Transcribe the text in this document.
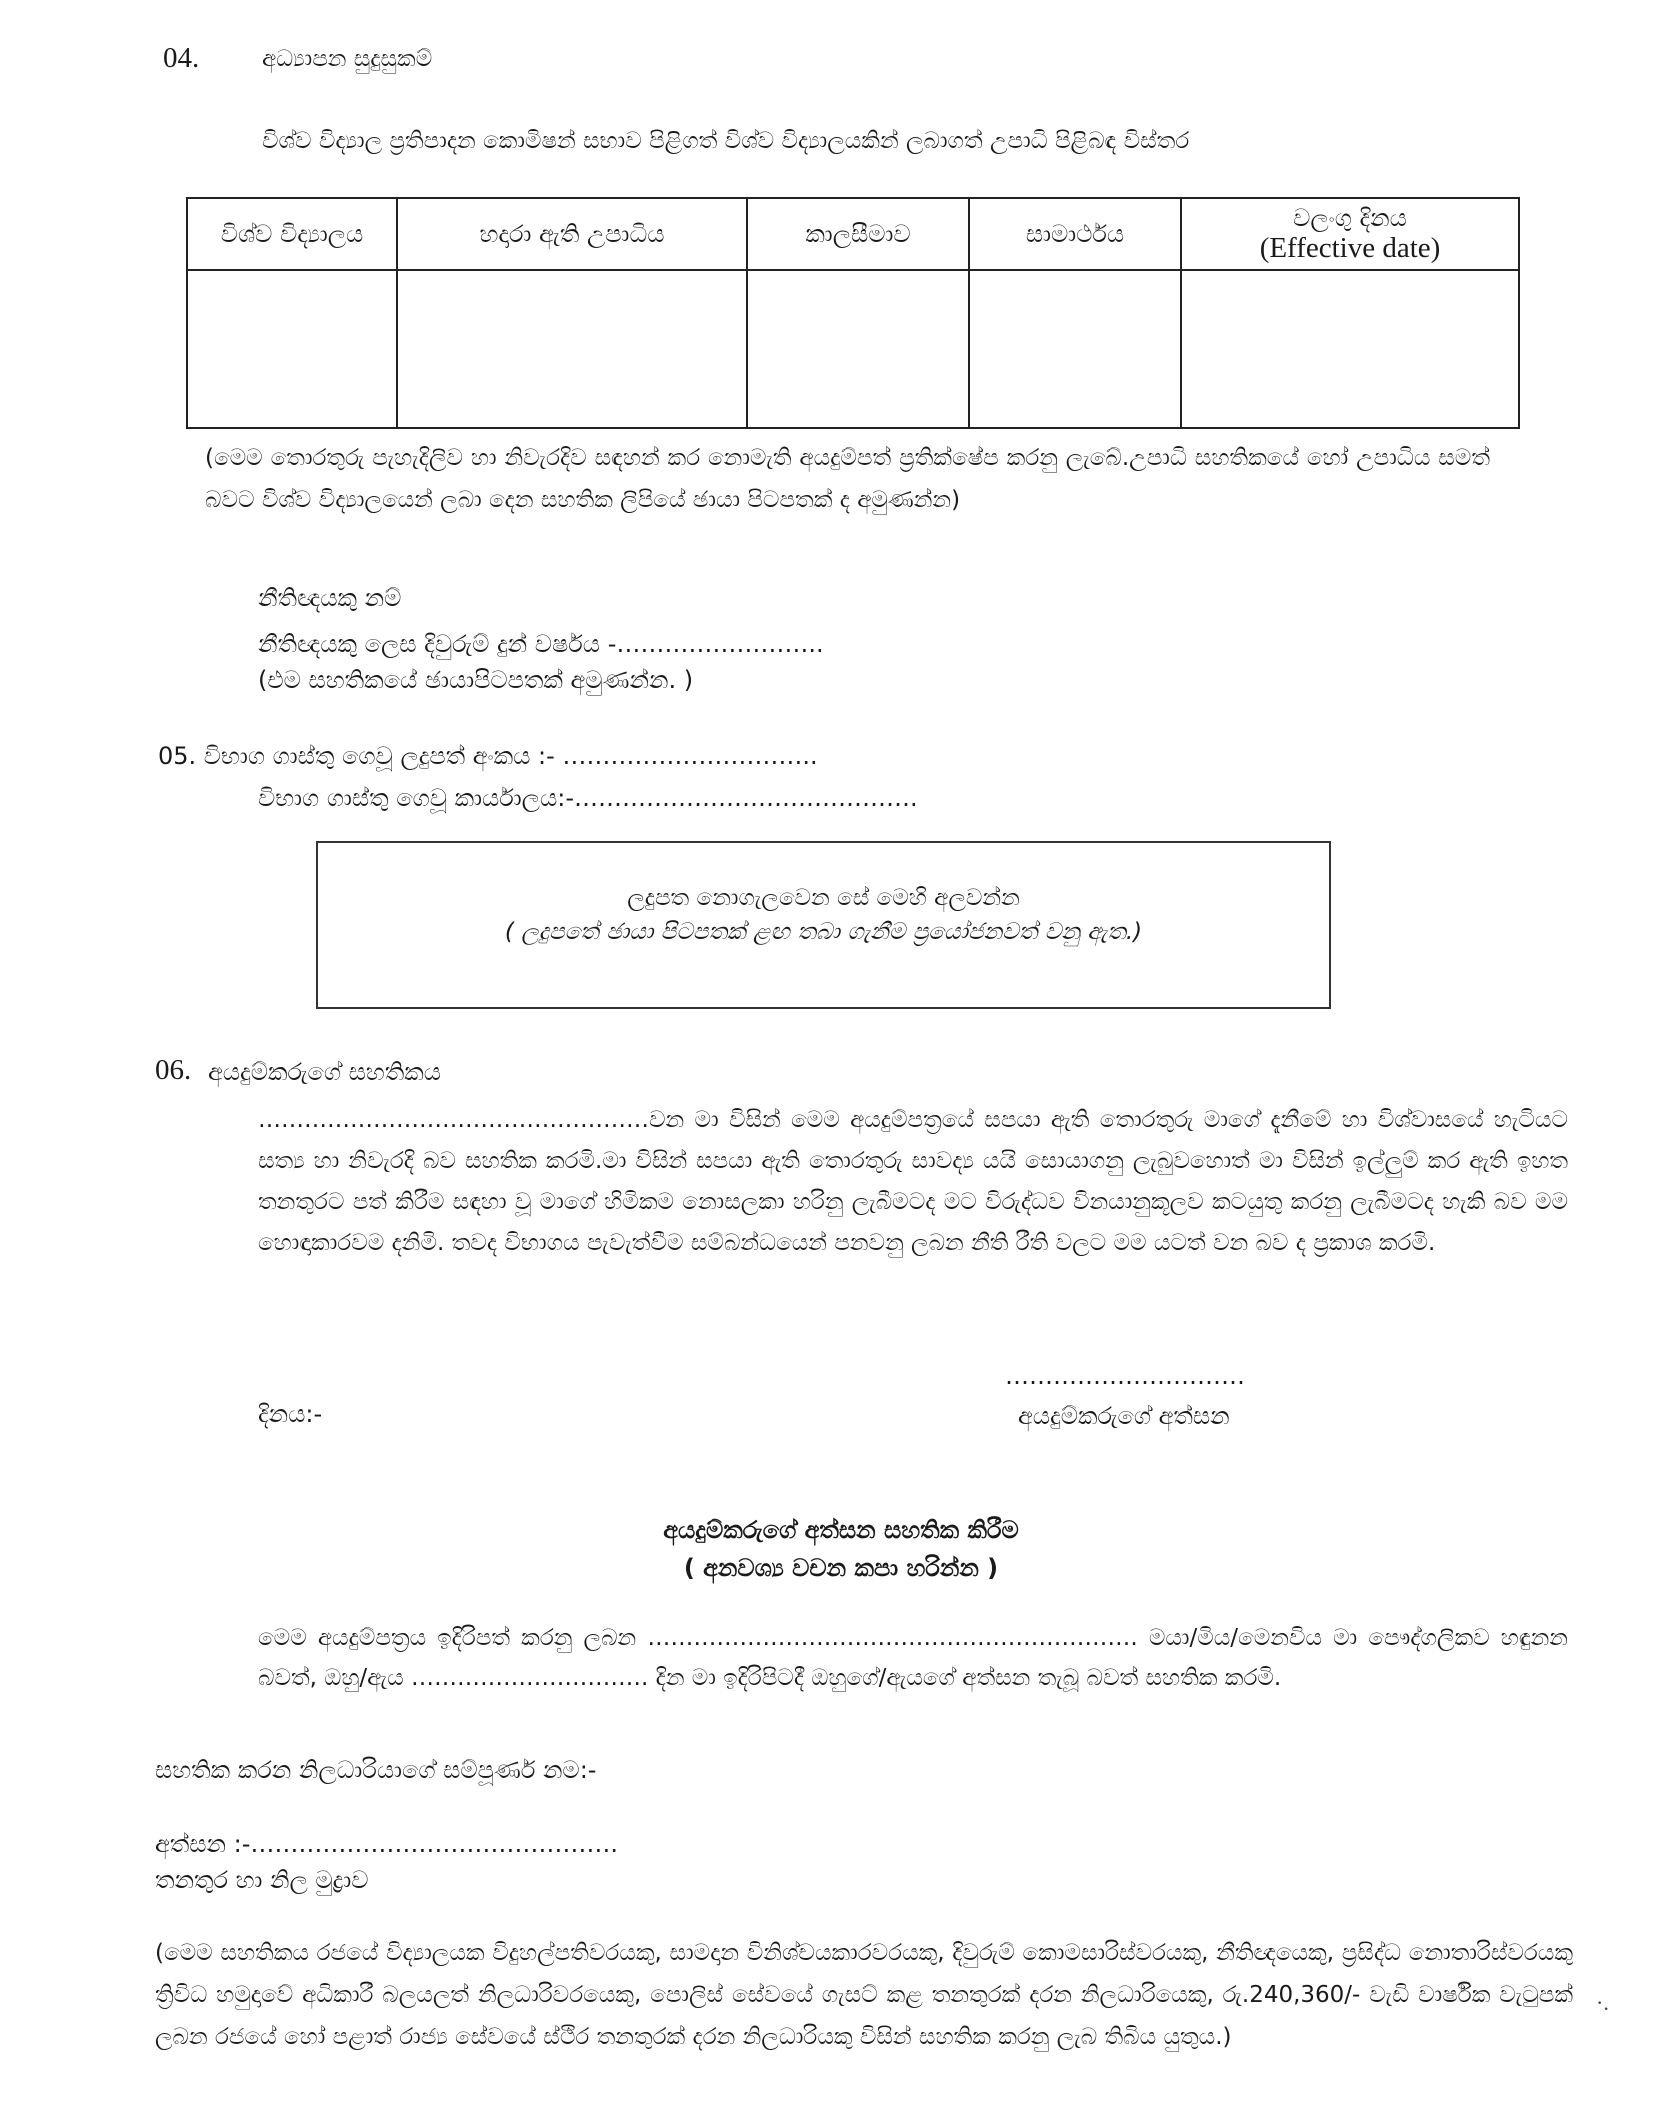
04.	අධ්‍යාපන සුදුසුකම්
විශ්ව විද්‍යාල ප්‍රතිපාදන කොමිෂන් සභාව පිළිගත් විශ්ව විද්‍යාලයකින් ලබාගත් උපාධි පිළිබඳ විස්තර
විශ්ව විද්‍යාලය	හදාරා ඇති උපාධිය	කාලසීමාව	සාමාර්ථය	වලංගු දිනය
(Effective date)

(මෙම තොරතුරු පැහැදිලිව හා නිවැරදිව සඳහන් කර නොමැති අයදුම්පත් ප්‍රතික්ෂේප කරනු ලැබේ.උපාධි සහතිකයේ හෝ උපාධිය සමත් බවට විශ්ව විද්‍යාලයෙන් ලබා දෙන සහතික ලිපියේ ඡායා පිටපතක් ද අමුණන්න)
නීතිඥයකු නම්
නීතිඥයකු ලෙස දිවුරුම් දුන් වර්ෂය -……………………..
(එම සහතිකයේ ඡායාපිටපතක් අමුණන්න. )
05. විභාග ගාස්තු ගෙවූ ලදුපත් අංකය :- …………………………..
විභාග ගාස්තු ගෙවූ කාර්යාලය:-…………………………………….
ලදුපත නොගැලවෙන සේ මෙහි අලවන්න
( ලදුපතේ ඡායා පිටපතක් ළඟ තබා ගැනීම ප්‍රයෝජනවත් වනු ඇත.)
06. අයදුම්කරුගේ සහතිකය
……………………………………………වන මා විසින් මෙම අයදුම්පත්‍රයේ සපයා ඇති තොරතුරු මාගේ දැනීමේ හා විශ්වාසයේ හැටියට සත්‍ය හා නිවැරදි බව සහතික කරමි.මා විසින් සපයා ඇති තොරතුරු සාවද්‍ය යයි සොයාගනු ලැබුවහොත් මා විසින් ඉල්ලුම් කර ඇති ඉහත තනතුරට පත් කිරීම සඳහා වූ මාගේ හිමිකම නොසලකා හරිනු ලැබීමටද මට විරුද්ධව විනයානුකූලව කටයුතු කරනු ලැබීමටද හැකි බව මම හොඳාකාරවම දනිමි. තවද විභාගය පැවැත්වීම සම්බන්ධයෙන් පනවනු ලබන නීති රීති වලට මම යටත් වන බව ද ප්‍රකාශ කරමි.
දිනය:-
…………………………
අයදුම්කරුගේ අත්සන
අයදුම්කරුගේ අත්සන සහතික කිරීම
( අනවශ්‍ය වචන කපා හරින්න )
මෙම අයදුම්පත්‍රය ඉදිරිපත් කරනු ලබන ………………………………………………………. මයා/මිය/මෙනවිය මා පෞද්ගලිකව හඳුනන බවත්, ඔහු/ඇය …………………………. දින මා ඉදිරිපිටදී ඔහුගේ/ඇයගේ අත්සන තැබූ බවත් සහතික කරමි.
සහතික කරන නිලධාරියාගේ සම්පූර්ණ නම:-
අත්සන :-……………………………………….
තනතුර හා නිල මුද්‍රාව
(මෙම සහතිකය රජයේ විද්‍යාලයක විදුහල්පතිවරයකු, සාමදාන විනිශ්චයකාරවරයකු, දිවුරුම් කොමසාරිස්වරයකු, නීතිඥයෙකු, ප්‍රසිද්ධ නොතාරිස්වරයකු ත්‍රිවිධ හමුදාවේ අධිකාරී බලයලත් නිලධාරිවරයෙකු, පොලිස් සේවයේ ගැසට් කළ තනතුරක් දරන නිලධාරියෙකු, රු.240,360/- වැඩි වාර්ෂික වැටුපක් ලබන රජයේ හෝ පළාත් රාජ්‍ය සේවයේ ස්ථිර තනතුරක් දරන නිලධාරියකු විසින් සහතික කරනු ලැබ තිබිය යුතුය.)
·.
